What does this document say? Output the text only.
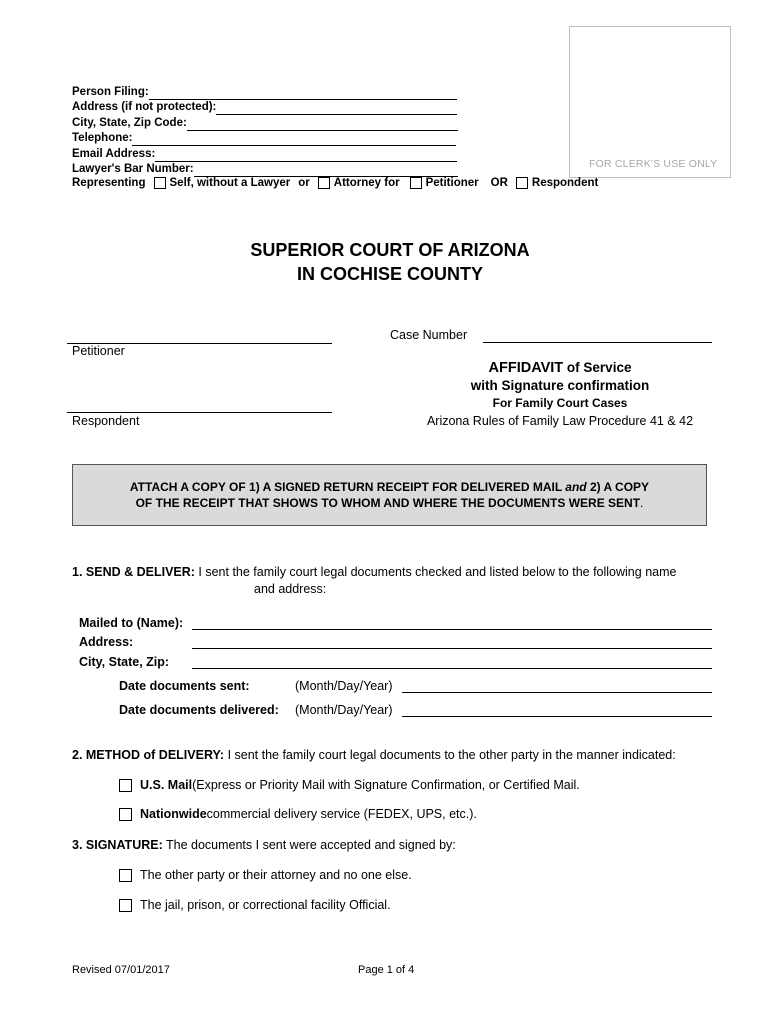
FOR CLERK'S USE ONLY
Person Filing:
Address (if not protected):
City, State, Zip Code:
Telephone:
Email Address:
Lawyer's Bar Number:
Representing Self, without a Lawyer or Attorney for Petitioner OR Respondent
SUPERIOR COURT OF ARIZONA
IN COCHISE COUNTY
Petitioner
Respondent
Case Number
AFFIDAVIT of Service
with Signature confirmation
For Family Court Cases
Arizona Rules of Family Law Procedure 41 & 42
ATTACH A COPY OF 1) A SIGNED RETURN RECEIPT FOR DELIVERED MAIL and 2) A COPY
OF THE RECEIPT THAT SHOWS TO WHOM AND WHERE THE DOCUMENTS WERE SENT.
1. SEND & DELIVER: I sent the family court legal documents checked and listed below to the following name
and address:
Mailed to (Name):
Address:
City, State, Zip:
Date documents sent:	(Month/Day/Year)
Date documents delivered: (Month/Day/Year)
2. METHOD of DELIVERY: I sent the family court legal documents to the other party in the manner indicated:
U.S. Mail (Express or Priority Mail with Signature Confirmation, or Certified Mail.
Nationwide commercial delivery service (FEDEX, UPS, etc.).
3. SIGNATURE: The documents I sent were accepted and signed by:
The other party or their attorney and no one else.
The jail, prison, or correctional facility Official.
Revised 07/01/2017	Page 1 of 4
